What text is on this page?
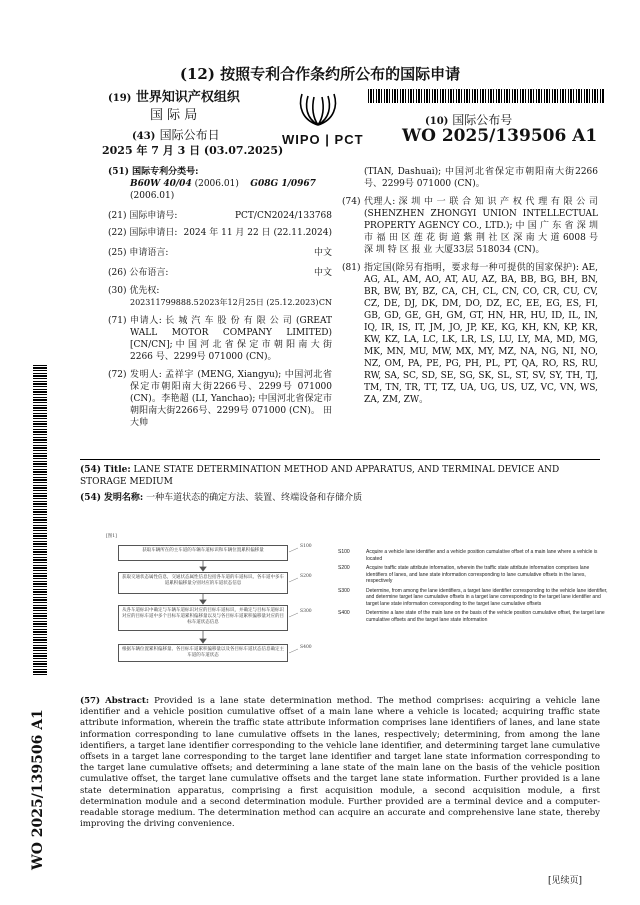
(12) 按照专利合作条约所公布的国际申请
(19) 世界知识产权组织
国 际 局
(43) 国际公布日
2025 年 7 月 3 日 (03.07.2025)
WIPO | PCT
(10) 国际公布号
WO 2025/139506 A1
(51) 国际专利分类号:
B60W 40/04 (2006.01) G08G 1/0967 (2006.01)
(21) 国际申请号:	PCT/CN2024/133768
(22) 国际申请日: 2024 年 11 月 22 日 (22.11.2024)
(25) 申请语言:	中文
(26) 公布语言:	中文
(30) 优先权:
202311799888.5 2023年12月25日 (25.12.2023) CN
(71) 申请人: 长 城 汽 车 股 份 有 限 公 司 (GREAT WALL MOTOR COMPANY LIMITED) [CN/CN]; 中 国 河 北 省 保 定 市 朝 阳 南 大 街 2266 号、2299号 071000 (CN)。
(72) 发明人: 孟祥宇 (MENG, Xiangyu); 中国河北省保定市朝阳南大街2266号、2299号 071000 (CN)。李艳超 (LI, Yanchao); 中国河北省保定市朝阳南大街2266号、2299号 071000 (CN)。 田大帅
(TIAN, Dashuai); 中国河北省保定市朝阳南大街2266号、2299号 071000 (CN)。
(74) 代理人: 深 圳 中 一 联 合 知 识 产 权 代 理 有 限 公 司 (SHENZHEN ZHONGYI UNION INTELLECTUAL PROPERTY AGENCY CO., LTD.); 中 国 广 东 省 深 圳 市 福 田 区 莲 花 街 道 紫 荆 社 区 深 南 大 道 6008 号 深 圳 特 区 报 业 大厦33层 518034 (CN)。
(81) 指定国(除另有指明，要求每一种可提供的国家保护): AE, AG, AL, AM, AO, AT, AU, AZ, BA, BB, BG, BH, BN, BR, BW, BY, BZ, CA, CH, CL, CN, CO, CR, CU, CV, CZ, DE, DJ, DK, DM, DO, DZ, EC, EE, EG, ES, FI, GB, GD, GE, GH, GM, GT, HN, HR, HU, ID, IL, IN, IQ, IR, IS, IT, JM, JO, JP, KE, KG, KH, KN, KP, KR, KW, KZ, LA, LC, LK, LR, LS, LU, LY, MA, MD, MG, MK, MN, MU, MW, MX, MY, MZ, NA, NG, NI, NO, NZ, OM, PA, PE, PG, PH, PL, PT, QA, RO, RS, RU, RW, SA, SC, SD, SE, SG, SK, SL, ST, SV, SY, TH, TJ, TM, TN, TR, TT, TZ, UA, UG, US, UZ, VC, VN, WS, ZA, ZM, ZW。
(54) Title: LANE STATE DETERMINATION METHOD AND APPARATUS, AND TERMINAL DEVICE AND STORAGE MEDIUM
(54) 发明名称: 一种车道状态的确定方法、装置、终端设备和存储介质
[图1]
获取车辆所在的主车道的车辆车道标识和车辆位置累积偏移量
S100
获取交通状态属性信息，交通状态属性信息包括各车道的车道标识、各车道中多车道累积偏移量分别对应的车道状态信息
S200
从各车道标识中确定与车辆车道标识对应的目标车道标识，并确定与目标车道标识对应的目标车道中多个目标车道累积偏移量以及与各目标车道累积偏移量对应的目标车道状态信息
S300
根据车辆位置累积偏移量、各目标车道累积偏移量以及各目标车道状态信息确定主车道的车道状态
S400
S100	Acquire a vehicle lane identifier and a vehicle position cumulative offset of a main lane where a vehicle is located
S200	Acquire traffic state attribute information, wherein the traffic state attribute information comprises lane identifiers of lanes, and lane state information corresponding to lane cumulative offsets in the lanes, respectively
S300	Determine, from among the lane identifiers, a target lane identifier corresponding to the vehicle lane identifier, and determine target lane cumulative offsets in a target lane corresponding to the target lane identifier and target lane state information corresponding to the target lane cumulative offsets
S400	Determine a lane state of the main lane on the basis of the vehicle position cumulative offset, the target lane cumulative offsets and the target lane state information
(57) Abstract: Provided is a lane state determination method. The method comprises: acquiring a vehicle lane identifier and a vehicle position cumulative offset of a main lane where a vehicle is located; acquiring traffic state attribute information, wherein the traffic state attribute information comprises lane identifiers of lanes, and lane state information corresponding to lane cumulative offsets in the lanes, respectively; determining, from among the lane identifiers, a target lane identifier corresponding to the vehicle lane identifier, and determining target lane cumulative offsets in a target lane corresponding to the target lane identifier and target lane state information corresponding to the target lane cumulative offsets; and determining a lane state of the main lane on the basis of the vehicle position cumulative offset, the target lane cumulative offsets and the target lane state information. Further provided is a lane state determination apparatus, comprising a first acquisition module, a second acquisition module, a first determination module and a second determination module. Further provided are a terminal device and a computer-readable storage medium. The determination method can acquire an accurate and comprehensive lane state, thereby improving the driving convenience.
WO 2025/139506 A1
[见续页]
